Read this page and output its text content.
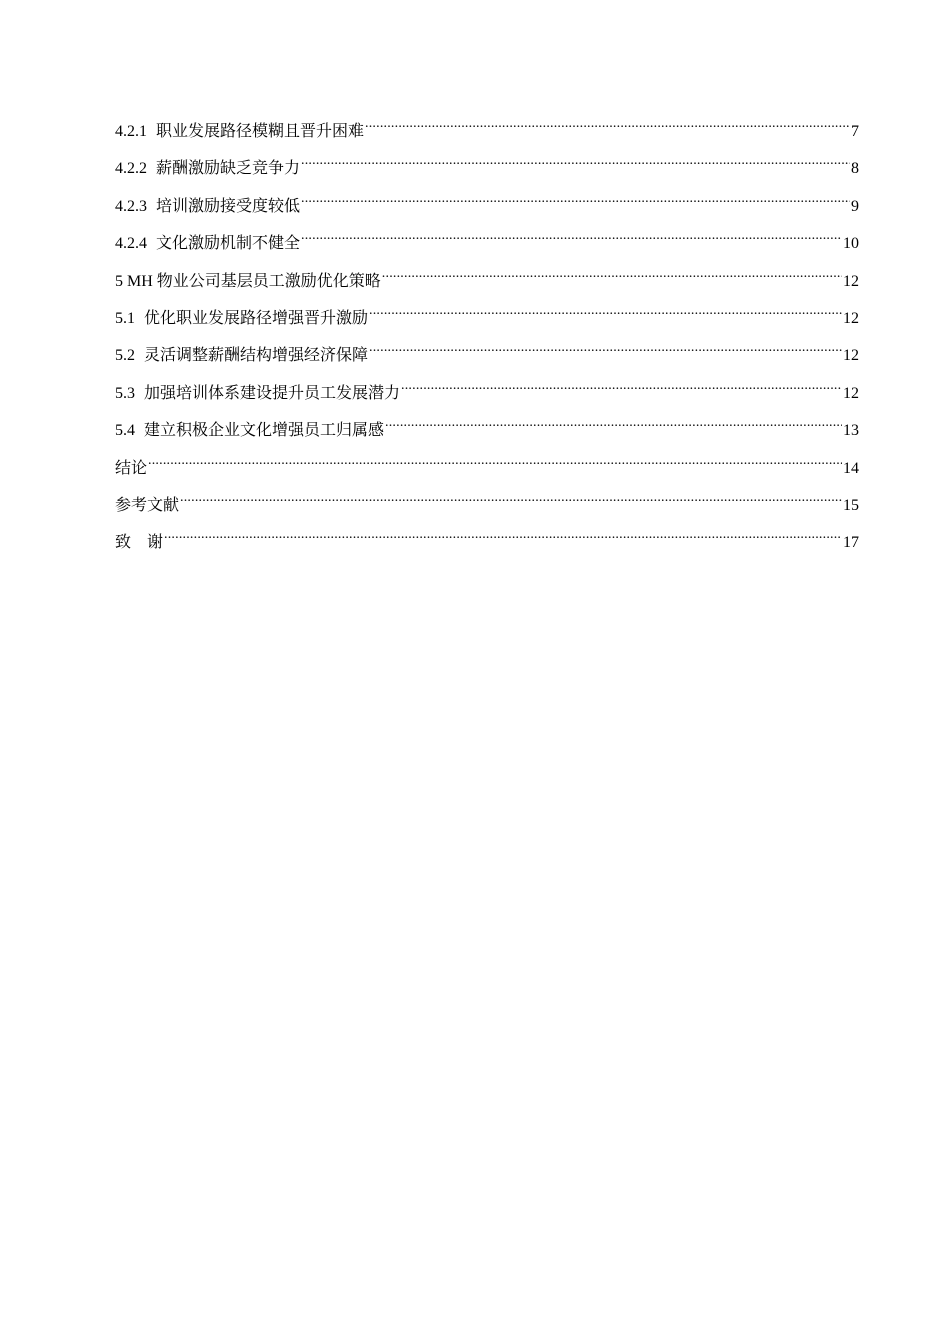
4.2.1 职业发展路径模糊且晋升困难 .....	7
4.2.2 薪酬激励缺乏竞争力 .....	8
4.2.3 培训激励接受度较低 .....	9
4.2.4 文化激励机制不健全 .....	10
5 MH 物业公司基层员工激励优化策略 .....	12
5.1 优化职业发展路径增强晋升激励 .....	12
5.2 灵活调整薪酬结构增强经济保障 .....	12
5.3 加强培训体系建设提升员工发展潜力 .....	12
5.4 建立积极企业文化增强员工归属感 .....	13
结论 .....	14
参考文献 .....	15
致　谢 .....	17
